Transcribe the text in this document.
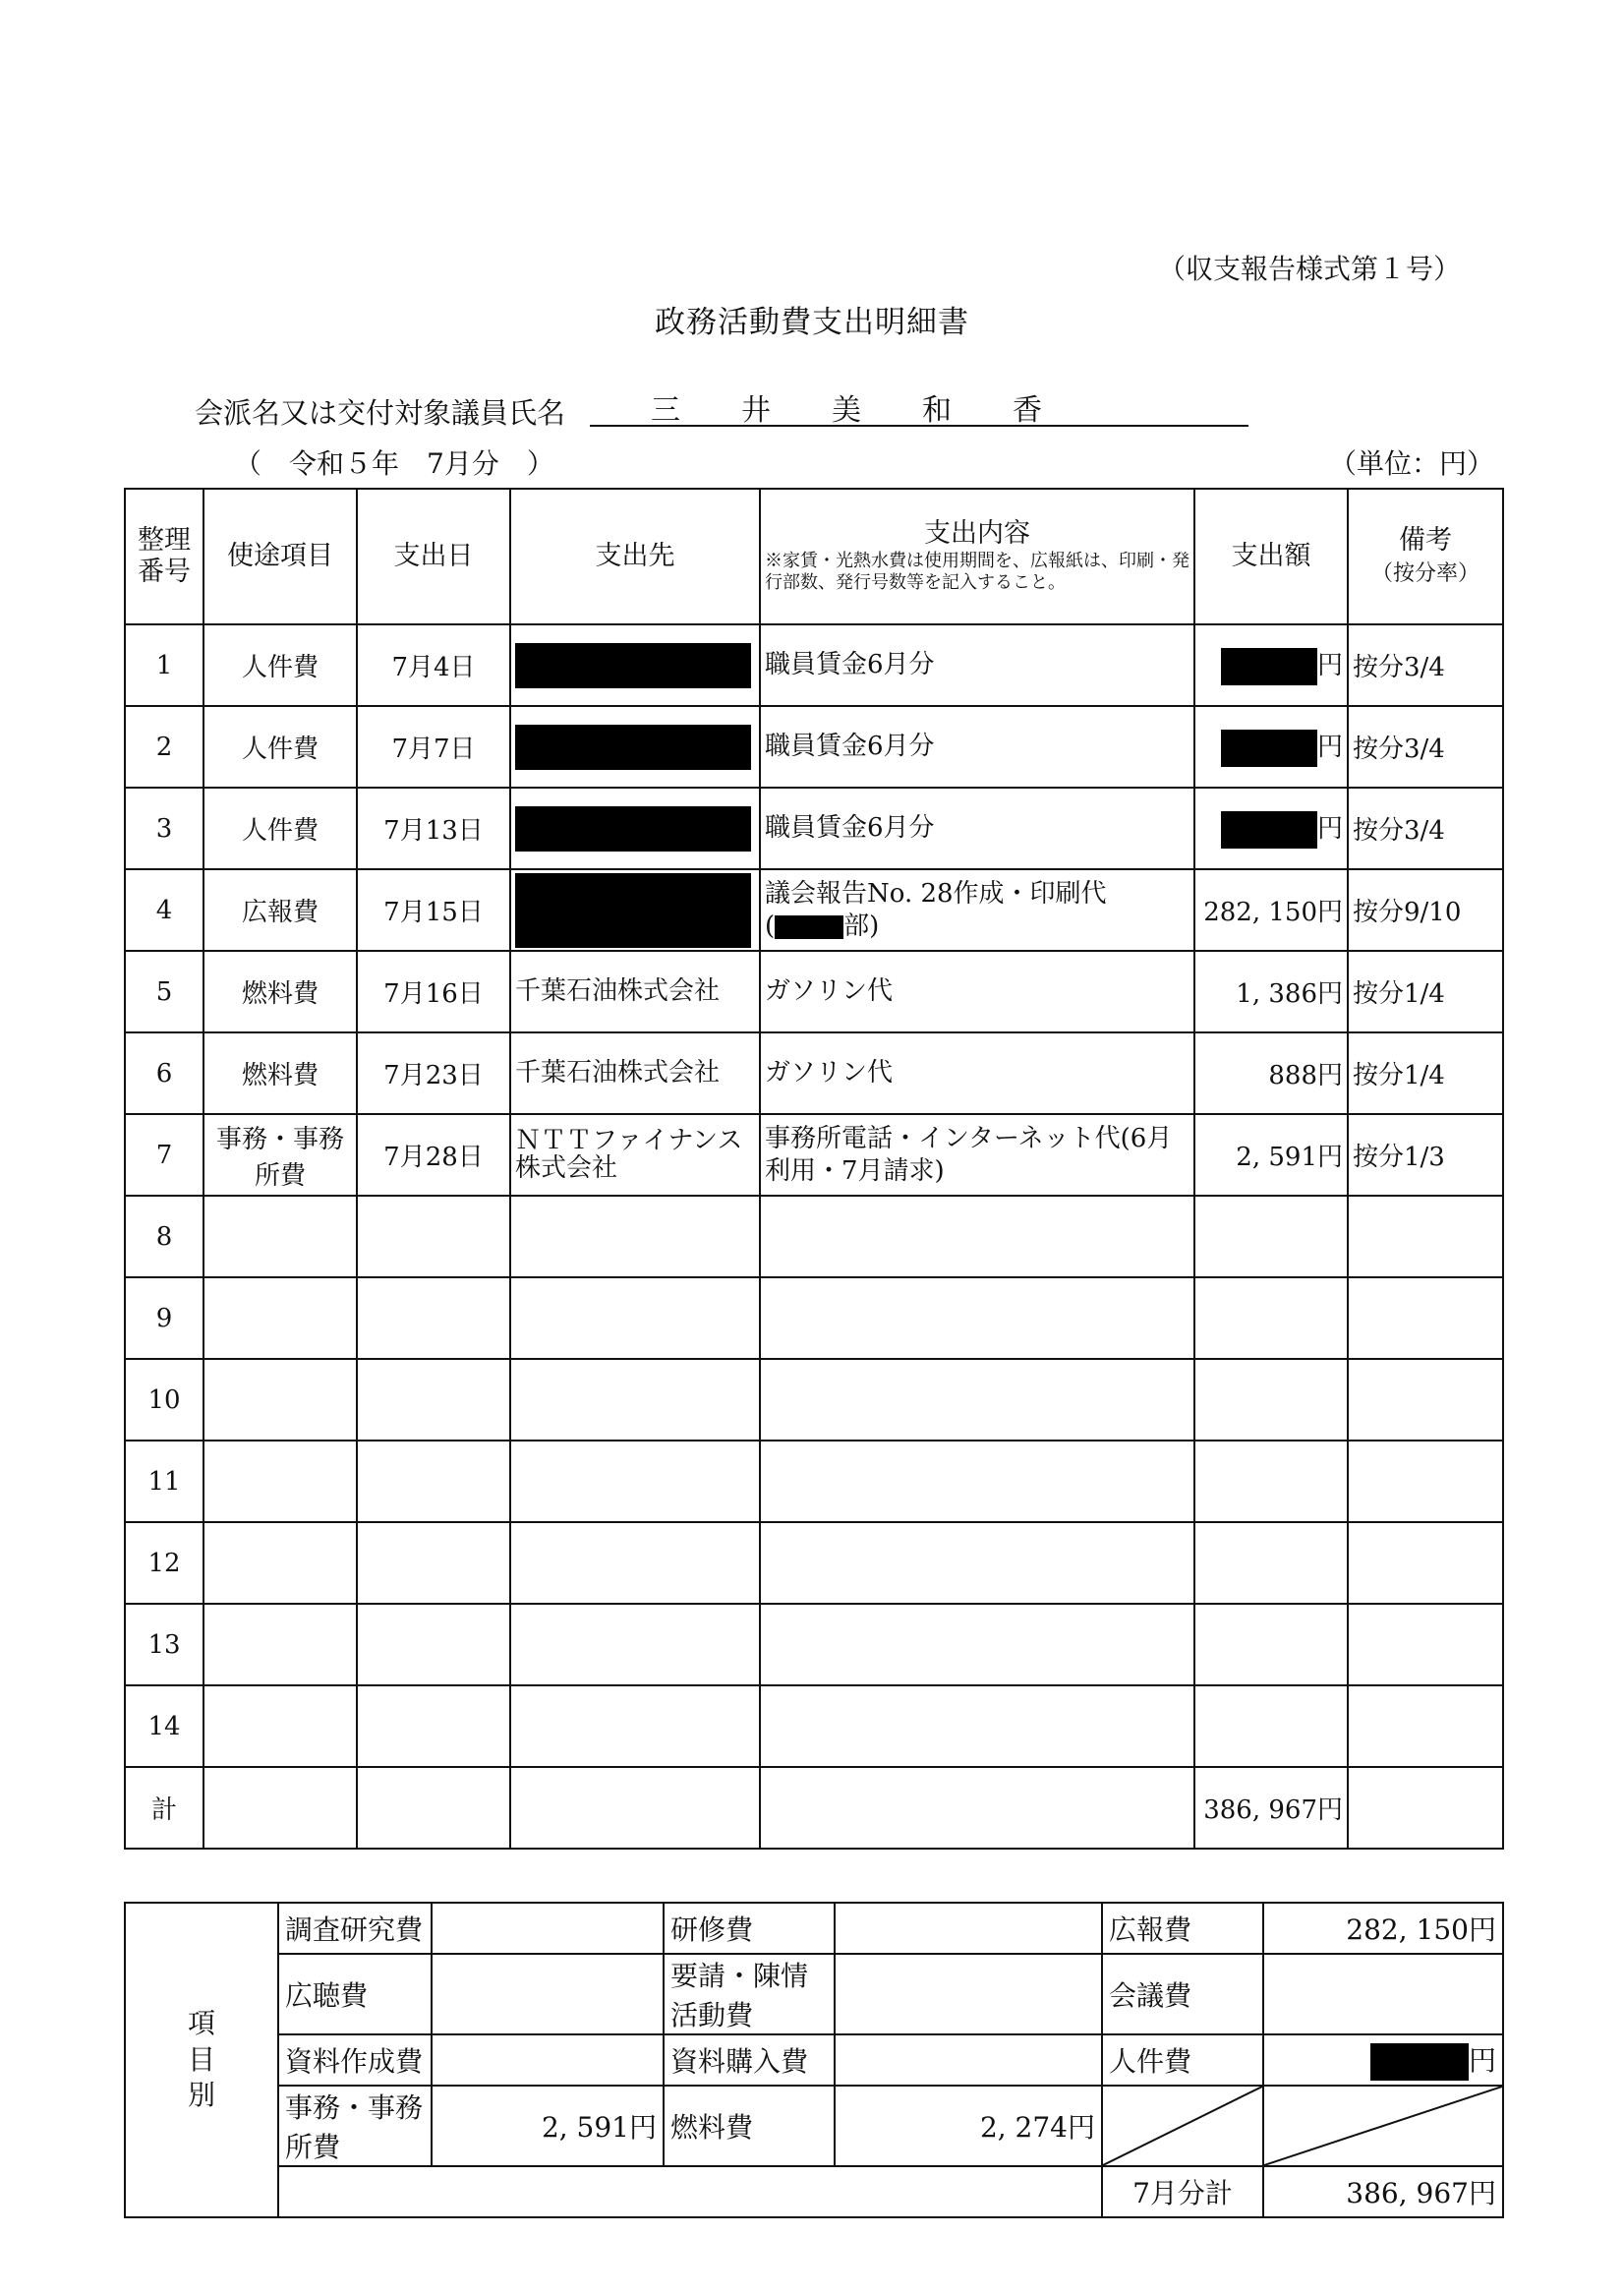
（収支報告様式第１号）
政務活動費支出明細書
会派名又は交付対象議員氏名	三井美和香
（　令和５年　7月分　）	（単位：円）
整理
番号	使途項目	支出日	支出先	支出内容
※家賃・光熱水費は使用期間を、広報紙は、印刷・発行部数、発行号数等を記入すること。	支出額	備考
（按分率）
1	人件費	7月4日		職員賃金6月分	円	按分3/4
2	人件費	7月7日		職員賃金6月分	円	按分3/4
3	人件費	7月13日		職員賃金6月分	円	按分3/4
4	広報費	7月15日		議会報告No. 28作成・印刷代
( 部)	282, 150円	按分9/10
5	燃料費	7月16日	千葉石油株式会社	ガソリン代	1, 386円	按分1/4
6	燃料費	7月23日	千葉石油株式会社	ガソリン代	888円	按分1/4
7	事務・事務所費	7月28日	ＮＴＴファイナンス株式会社	事務所電話・インターネット代(6月利用・7月請求)	2, 591円	按分1/3
8						
9						
10						
11						
12						
13						
14						
計					386, 967円	
項
目
別	調査研究費		研修費		広報費	282, 150円
	広聴費		要請・陳情活動費		会議費	
	資料作成費		資料購入費		人件費	円
	事務・事務所費	2, 591円	燃料費	2, 274円	

					7月分計	386, 967円
